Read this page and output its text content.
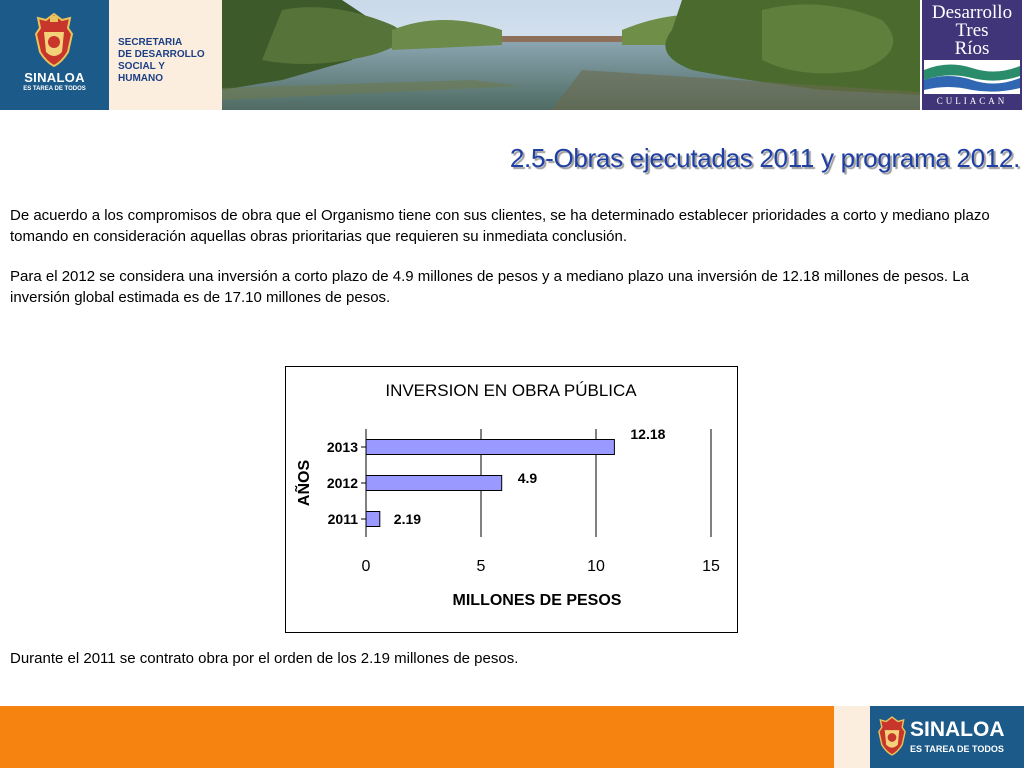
SINALOA
ES TAREA DE TODOS
SECRETARIA
DE DESARROLLO
SOCIAL Y
HUMANO
Desarrollo
Tres
Ríos
CULIACAN
2.5-Obras ejecutadas 2011 y programa 2012.

De acuerdo a los compromisos de obra que el Organismo tiene con sus clientes, se ha determinado establecer prioridades a corto y mediano plazo tomando en consideración aquellas obras prioritarias que requieren su inmediata conclusión.

Para el 2012 se considera una inversión a corto plazo de 4.9 millones de pesos y a mediano plazo una inversión de 12.18 millones de pesos. La inversión global estimada es de 17.10 millones de pesos.

INVERSION EN OBRA PÚBLICA
0	5	10	15
2011
2012
2013
2.19
4.9
12.18
MILLONES DE PESOS
AÑOS

Durante el 2011 se contrato obra por el orden de los 2.19 millones de pesos.

SINALOA
ES TAREA DE TODOS
